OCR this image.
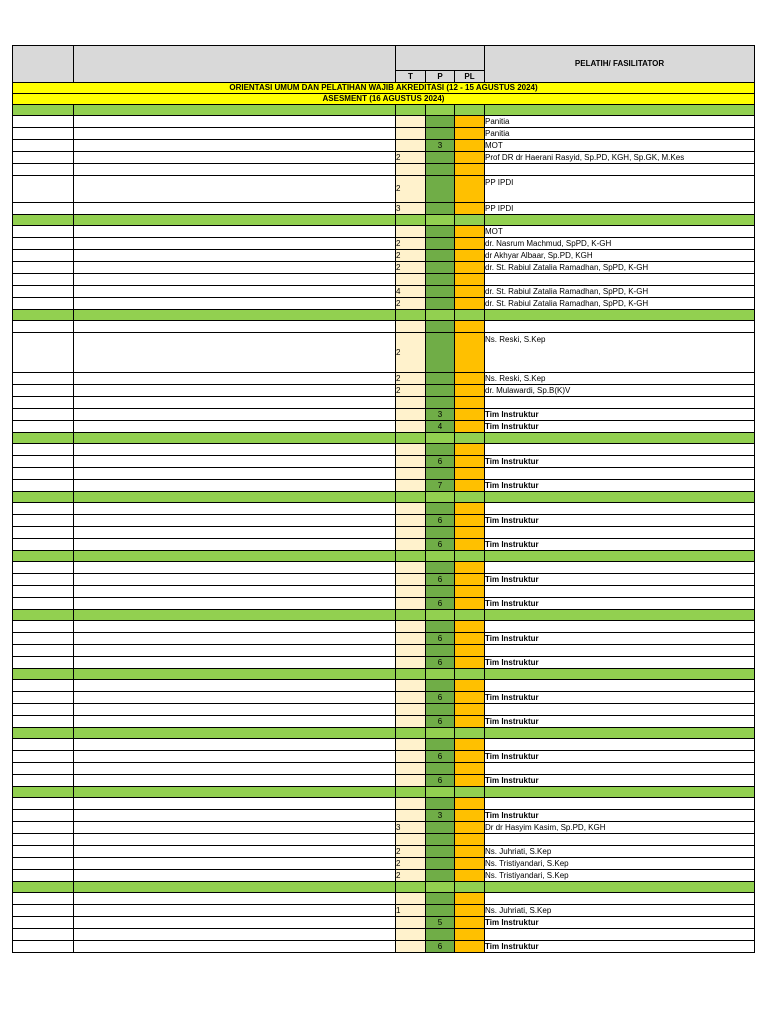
					PELATIH/ FASILITATOR
		T	P	PL	
ORIENTASI UMUM DAN PELATIHAN WAJIB AKREDITASI (12 - 15 AGUSTUS 2024)					
ASESMENT (16 AGUSTUS 2024)					

					Panitia
					Panitia
			3		MOT
		2			Prof DR dr Haerani Rasyid, Sp.PD, KGH, Sp.GK, M.Kes

		2			PP IPDI
		3			PP IPDI

					MOT
		2			dr. Nasrum Machmud, SpPD, K-GH
		2			dr Akhyar Albaar, Sp.PD, KGH
		2			dr. St. Rabiul Zatalia Ramadhan, SpPD, K-GH

		4			dr. St. Rabiul Zatalia Ramadhan, SpPD, K-GH
		2			dr. St. Rabiul Zatalia Ramadhan, SpPD, K-GH

		2			Ns. Reski, S.Kep
		2			Ns. Reski, S.Kep
		2			dr. Mulawardi, Sp.B(K)V

			3		Tim Instruktur
			4		Tim Instruktur

			6		Tim Instruktur

			7		Tim Instruktur

			6		Tim Instruktur

			6		Tim Instruktur

			6		Tim Instruktur

			6		Tim Instruktur

			6		Tim Instruktur

			6		Tim Instruktur

			6		Tim Instruktur

			6		Tim Instruktur

			6		Tim Instruktur

			6		Tim Instruktur

			3		Tim Instruktur
		3			Dr dr Hasyim Kasim, Sp.PD, KGH

		2			Ns. Juhriati, S.Kep
		2			Ns. Tristiyandari, S.Kep
		2			Ns. Tristiyandari, S.Kep

		1			Ns. Juhriati, S.Kep
			5		Tim Instruktur

			6		Tim Instruktur
